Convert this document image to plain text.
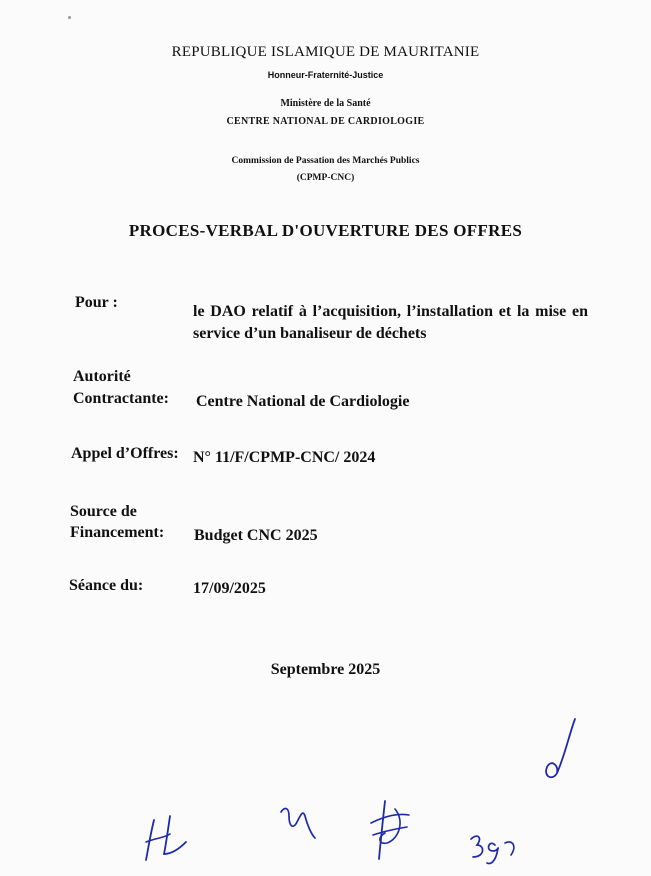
REPUBLIQUE ISLAMIQUE DE MAURITANIE
Honneur-Fraternité-Justice
Ministère de la Santé
CENTRE NATIONAL DE CARDIOLOGIE
Commission de Passation des Marchés Publics
(CPMP-CNC)
PROCES-VERBAL D'OUVERTURE DES OFFRES
Pour :
le DAO relatif à l’acquisition, l’installation et la mise en service d’un banaliseur de déchets
Autorité
Contractante: Centre National de Cardiologie
Appel d’Offres: N° 11/F/CPMP-CNC/ 2024
Source de
Financement: Budget CNC 2025
Séance du:	17/09/2025
Septembre 2025
